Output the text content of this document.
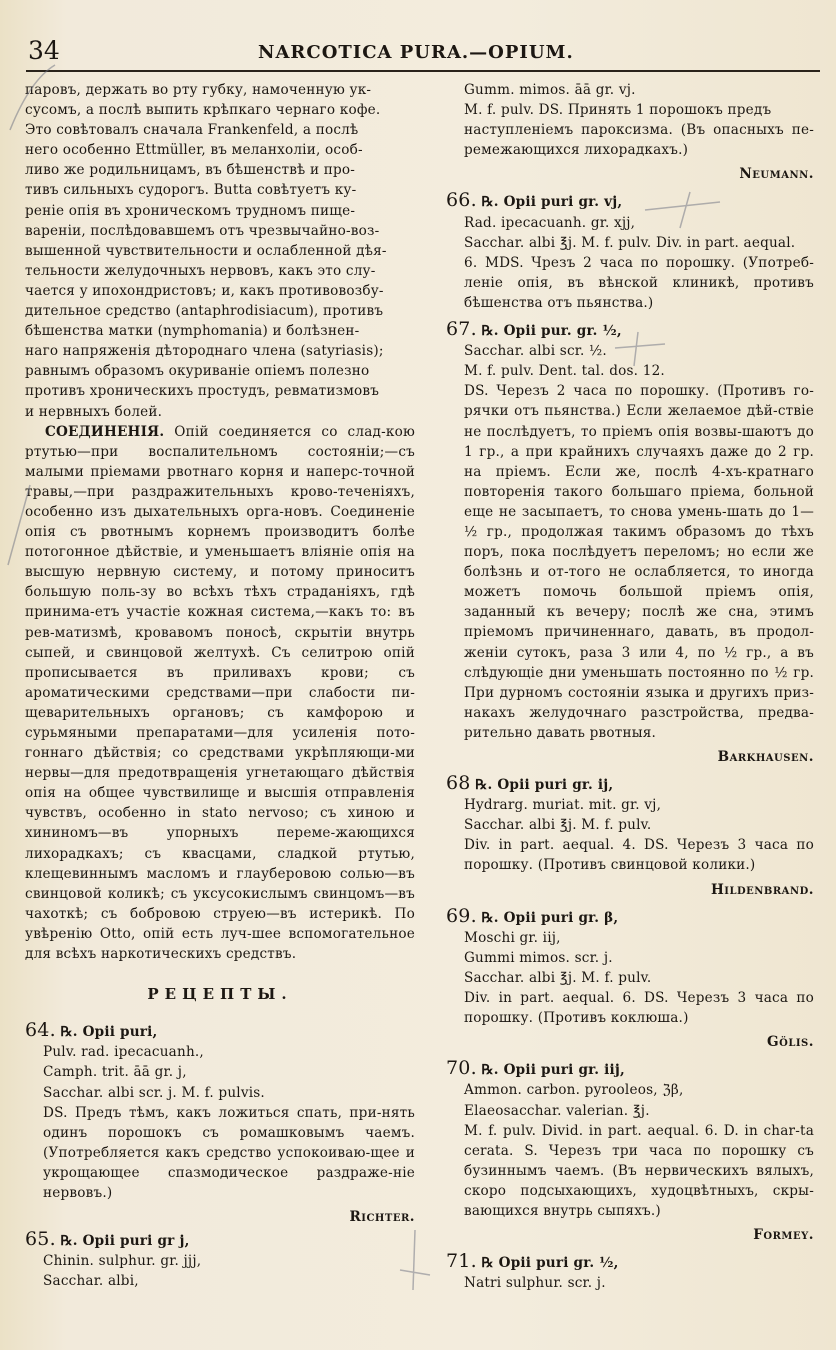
34	NARCOTICA PURA.—OPIUM.

паровъ, держать во рту губку, намоченную ук-

сусомъ, а послѣ выпить крѣпкаго чернаго кофе.

Это совѣтовалъ сначала Frankenfeld, а послѣ

него особенно Ettmüller, въ меланхоліи, особ-

ливо же родильницамъ, въ бѣшенствѣ и про-

тивъ сильныхъ судорогъ. Butta совѣтуетъ ку-

реніе опія въ хроническомъ трудномъ пище-

вареніи, послѣдовавшемъ отъ чрезвычайно-воз-

вышенной чувствительности и ослабленной дѣя-

тельности желудочныхъ нервовъ, какъ это слу-

чается у ипохондристовъ; и, какъ противовозбу-

дительное средство (antaphrodisiacum), противъ

бѣшенства матки (nymphomania) и болѣзнен-

наго напряженія дѣтороднаго члена (satyriasis);

равнымъ образомъ окуриваніе опіемъ полезно

противъ хроническихъ простудъ, ревматизмовъ

и нервныхъ болей.

СОЕДИНЕНІЯ. Опій соединяется со слад-кою ртутью—при воспалительномъ состояніи;—съ малыми пріемами рвотнаго корня и наперс-точной травы,—при раздражительныхъ крово-теченіяхъ, особенно изъ дыхательныхъ орга-новъ. Соединеніе опія съ рвотнымъ корнемъ производитъ болѣе потогонное дѣйствіе, и уменьшаетъ вліяніе опія на высшую нервную систему, и потому приноситъ большую поль-зу во всѣхъ тѣхъ страданіяхъ, гдѣ принима-етъ участіе кожная система,—какъ то: въ рев-матизмѣ, кровавомъ поносѣ, скрытіи внутрь сыпей, и свинцовой желтухѣ. Съ селитрою опій прописывается въ приливахъ крови; съ ароматическими средствами—при слабости пи-щеварительныхъ органовъ; съ камфорою и сурьмяными препаратами—для усиленія пото-гоннаго дѣйствія; со средствами укрѣпляющи-ми нервы—для предотвращенія угнетающаго дѣйствія опія на общее чувствилище и высшія отправленія чувствъ, особенно in stato nervoso; съ хиною и хининомъ—въ упорныхъ переме-жающихся лихорадкахъ; съ квасцами, сладкой ртутью, клещевиннымъ масломъ и глауберовою солью—въ свинцовой коликѣ; съ уксусокислымъ свинцомъ—въ чахоткѣ; съ бобровою струею—въ истерикѣ. По увѣренію Otto, опій есть луч-шее вспомогательное для всѣхъ наркотическихъ средствъ.

РЕЦЕПТЫ.

64. ℞. Opii puri,

Pulv. rad. ipecacuanh.,

Camph. trit. āā gr. j,

Sacchar. albi scr. j. M. f. pulvis.

DS. Предъ тѣмъ, какъ ложиться спать, при-нять одинъ порошокъ съ ромашковымъ чаемъ. (Употребляется какъ средство успокоиваю-щее и укрощающее спазмодическое раздраже-ніе нервовъ.)

Richter.

65. ℞. Opii puri gr j,

Chinin. sulphur. gr. jjj,

Sacchar. albi,

Gumm. mimos. āā gr. vj.

M. f. pulv. DS. Принять 1 порошокъ предъ

наступленіемъ пароксизма. (Въ опасныхъ пе-ремежающихся лихорадкахъ.)

Neumann.

66. ℞. Opii puri gr. vj,

Rad. ipecacuanh. gr. xjj,

Sacchar. albi ℥j. M. f. pulv. Div. in part. aequal.

6. MDS. Чрезъ 2 часа по порошку. (Употреб-леніе опія, въ вѣнской клиникѣ, противъ бѣшенства отъ пьянства.)

67. ℞. Opii pur. gr. ½,

Sacchar. albi scr. ½.

M. f. pulv. Dent. tal. dos. 12.

DS. Черезъ 2 часа по порошку. (Противъ го-рячки отъ пьянства.) Если желаемое дѣй-ствіе не послѣдуетъ, то пріемъ опія возвы-шаютъ до 1 гр., а при крайнихъ случаяхъ даже до 2 гр. на пріемъ. Если же, послѣ 4-хъ-кратнаго повторенія такого большаго пріема, больной еще не засыпаетъ, то снова умень-шать до 1—½ гр., продолжая такимъ образомъ до тѣхъ поръ, пока послѣдуетъ переломъ; но если же болѣзнь и от-того не ослабляется, то иногда можетъ помочь большой пріемъ опія, заданный къ вечеру; послѣ же сна, этимъ пріемомъ причиненнаго, давать, въ продол-женіи сутокъ, раза 3 или 4, по ½ гр., а въ слѣдующіе дни уменьшать постоянно по ½ гр. При дурномъ состояніи языка и другихъ приз-накахъ желудочнаго разстройства, предва-рительно давать рвотныя.

Barkhausen.

68 ℞. Opii puri gr. ij,

Hydrarg. muriat. mit. gr. vj,

Sacchar. albi ℥j. M. f. pulv.

Div. in part. aequal. 4. DS. Черезъ 3 часа по порошку. (Противъ свинцовой колики.)

Hildenbrand.

69. ℞. Opii puri gr. β,

Moschi gr. iij,

Gummi mimos. scr. j.

Sacchar. albi ℥j. M. f. pulv.

Div. in part. aequal. 6. DS. Черезъ 3 часа по порошку. (Противъ коклюша.)

Gölis.

70. ℞. Opii puri gr. iij,

Ammon. carbon. pyrooleos, ℨβ,

Elaeosacchar. valerian. ℥j.

M. f. pulv. Divid. in part. aequal. 6. D. in char-ta cerata. S. Черезъ три часа по порошку съ бузиннымъ чаемъ. (Въ нервическихъ вялыхъ, скоро подсыхающихъ, худоцвѣтныхъ, скры-вающихся внутрь сыпяхъ.)

Formey.

71. ℞ Opii puri gr. ½,

Natri sulphur. scr. j.
